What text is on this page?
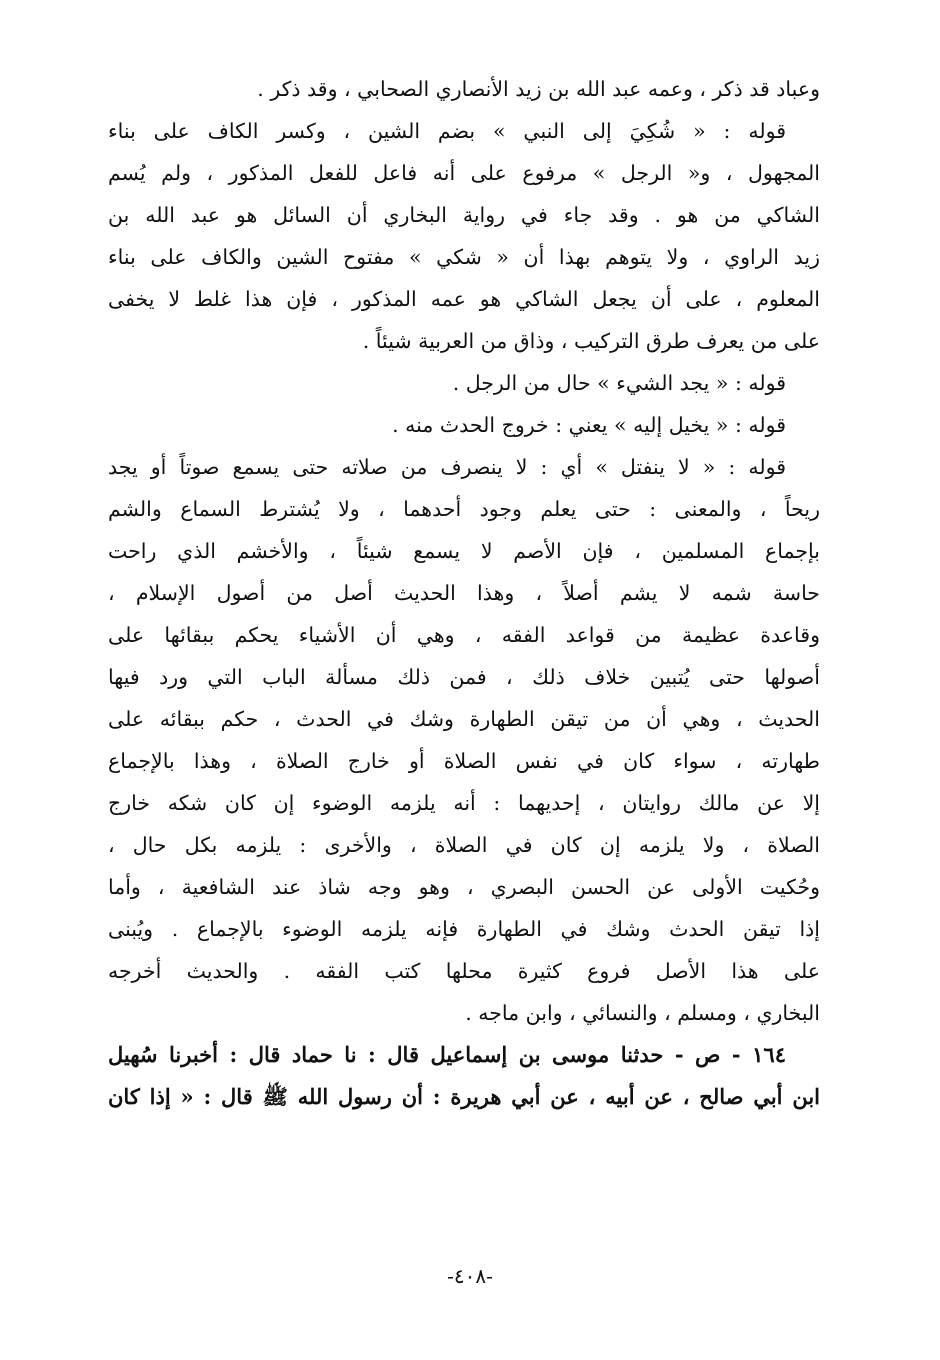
وعباد قد ذكر ، وعمه عبد الله بن زيد الأنصاري الصحابي ، وقد ذكر .
قوله : « شُكِيَ إلى النبي » بضم الشين ، وكسر الكاف على بناء
المجهول ، و« الرجل » مرفوع على أنه فاعل للفعل المذكور ، ولم يُسم
الشاكي من هو . وقد جاء في رواية البخاري أن السائل هو عبد الله بن
زيد الراوي ، ولا يتوهم بهذا أن « شكي » مفتوح الشين والكاف على بناء
المعلوم ، على أن يجعل الشاكي هو عمه المذكور ، فإن هذا غلط لا يخفى
على من يعرف طرق التركيب ، وذاق من العربية شيئاً .
قوله : « يجد الشيء » حال من الرجل .
قوله : « يخيل إليه » يعني : خروج الحدث منه .
قوله : « لا ينفتل » أي : لا ينصرف من صلاته حتى يسمع صوتاً أو يجد
ريحاً ، والمعنى : حتى يعلم وجود أحدهما ، ولا يُشترط السماع والشم
بإجماع المسلمين ، فإن الأصم لا يسمع شيئاً ، والأخشم الذي راحت
حاسة شمه لا يشم أصلاً ، وهذا الحديث أصل من أصول الإسلام ،
وقاعدة عظيمة من قواعد الفقه ، وهي أن الأشياء يحكم ببقائها على
أصولها حتى يُتبين خلاف ذلك ، فمن ذلك مسألة الباب التي ورد فيها
الحديث ، وهي أن من تيقن الطهارة وشك في الحدث ، حكم ببقائه على
طهارته ، سواء كان في نفس الصلاة أو خارج الصلاة ، وهذا بالإجماع
إلا عن مالك روايتان ، إحديهما : أنه يلزمه الوضوء إن كان شكه خارج
الصلاة ، ولا يلزمه إن كان في الصلاة ، والأخرى : يلزمه بكل حال ،
وحُكيت الأولى عن الحسن البصري ، وهو وجه شاذ عند الشافعية ، وأما
إذا تيقن الحدث وشك في الطهارة فإنه يلزمه الوضوء بالإجماع . ويُبنى
على هذا الأصل فروع كثيرة محلها كتب الفقه . والحديث أخرجه
البخاري ، ومسلم ، والنسائي ، وابن ماجه .
١٦٤ - ص - حدثنا موسى بن إسماعيل قال : نا حماد قال : أخبرنا سُهيل
ابن أبي صالح ، عن أبيه ، عن أبي هريرة : أن رسول الله ﷺ قال : « إذا كان
-٤٠٨-
